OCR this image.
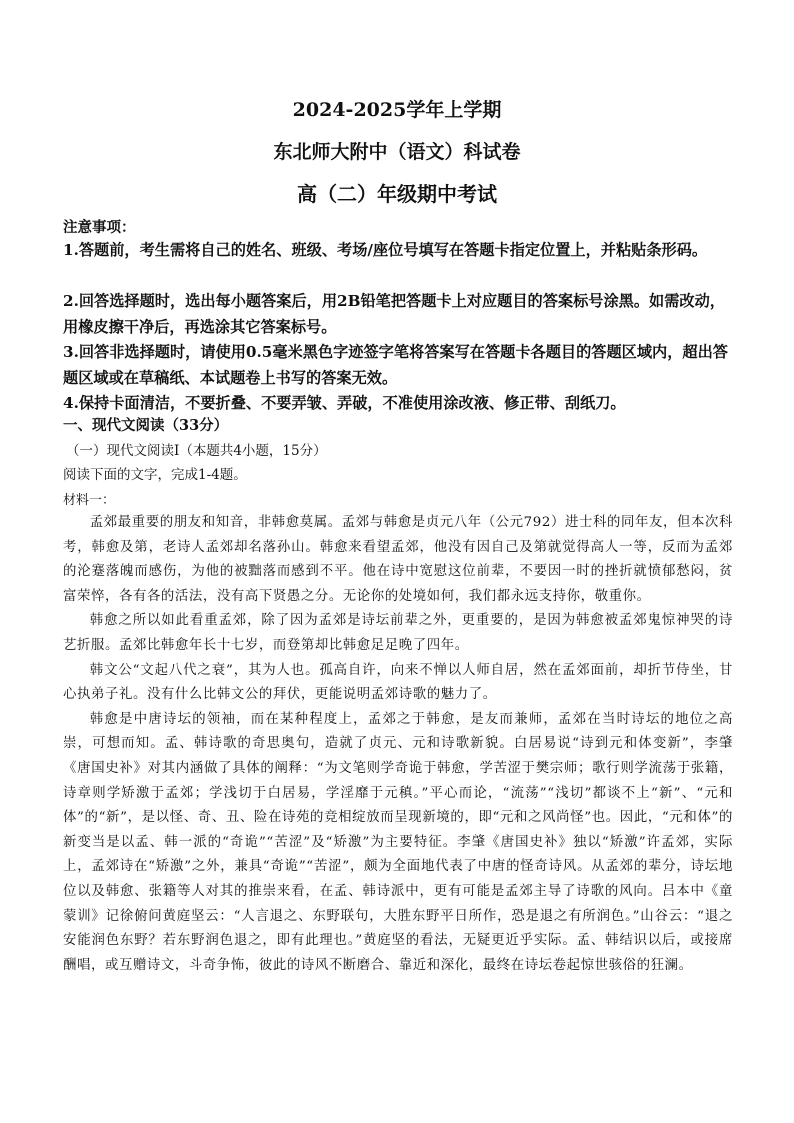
2024-2025学年上学期
东北师大附中（语文）科试卷
高（二）年级期中考试
注意事项：
1.答题前，考生需将自己的姓名、班级、考场/座位号填写在答题卡指定位置上，并粘贴条形码。
2.回答选择题时，选出每小题答案后，用2B铅笔把答题卡上对应题目的答案标号涂黑。如需改动，用橡皮擦干净后，再选涂其它答案标号。
3.回答非选择题时，请使用0.5毫米黑色字迹签字笔将答案写在答题卡各题目的答题区域内，超出答题区域或在草稿纸、本试题卷上书写的答案无效。
4.保持卡面清洁，不要折叠、不要弄皱、弄破，不准使用涂改液、修正带、刮纸刀。
一、现代文阅读（33分）
（一）现代文阅读Ⅰ（本题共4小题，15分）
阅读下面的文字，完成1-4题。
材料一：

孟郊最重要的朋友和知音，非韩愈莫属。孟郊与韩愈是贞元八年（公元792）进士科的同年友，但本次科考，韩愈及第，老诗人孟郊却名落孙山。韩愈来看望孟郊，他没有因自己及第就觉得高人一等，反而为孟郊的沦蹇落魄而感伤，为他的被黜落而感到不平。他在诗中宽慰这位前辈，不要因一时的挫折就愤郁愁闷，贫富荣悴，各有各的活法，没有高下贤愚之分。无论你的处境如何，我们都永远支持你，敬重你。

韩愈之所以如此看重孟郊，除了因为孟郊是诗坛前辈之外，更重要的，是因为韩愈被孟郊鬼惊神哭的诗艺折服。孟郊比韩愈年长十七岁，而登第却比韩愈足足晚了四年。

韩文公“文起八代之衰”，其为人也。孤高自许，向来不惮以人师自居，然在孟郊面前，却折节侍坐，甘心执弟子礼。没有什么比韩文公的拜伏，更能说明孟郊诗歌的魅力了。

韩愈是中唐诗坛的领袖，而在某种程度上，孟郊之于韩愈，是友而兼师，孟郊在当时诗坛的地位之高崇，可想而知。孟、韩诗歌的奇思奥句，造就了贞元、元和诗歌新貌。白居易说“诗到元和体变新”，李肇《唐国史补》对其内涵做了具体的阐释：“为文笔则学奇诡于韩愈，学苦涩于樊宗师；歌行则学流荡于张籍，诗章则学矫激于孟郊；学浅切于白居易，学淫靡于元稹。”平心而论，“流荡”“浅切”都谈不上“新”、“元和体”的“新”，是以怪、奇、丑、险在诗苑的竞相绽放而呈现新境的，即“元和之风尚怪”也。因此，“元和体”的新变当是以孟、韩一派的“奇诡”“苦涩”及“矫激”为主要特征。李肇《唐国史补》独以“矫激”许孟郊，实际上，孟郊诗在“矫激”之外，兼具“奇诡”“苦涩”，颇为全面地代表了中唐的怪奇诗风。从孟郊的辈分，诗坛地位以及韩愈、张籍等人对其的推崇来看，在孟、韩诗派中，更有可能是孟郊主导了诗歌的风向。吕本中《童蒙训》记徐俯问黄庭坚云：“人言退之、东野联句，大胜东野平日所作，恐是退之有所润色。”山谷云：“退之安能润色东野？若东野润色退之，即有此理也。”黄庭坚的看法，无疑更近乎实际。孟、韩结识以后，或接席酬唱，或互赠诗文，斗奇争怖，彼此的诗风不断磨合、靠近和深化，最终在诗坛卷起惊世骇俗的狂澜。
